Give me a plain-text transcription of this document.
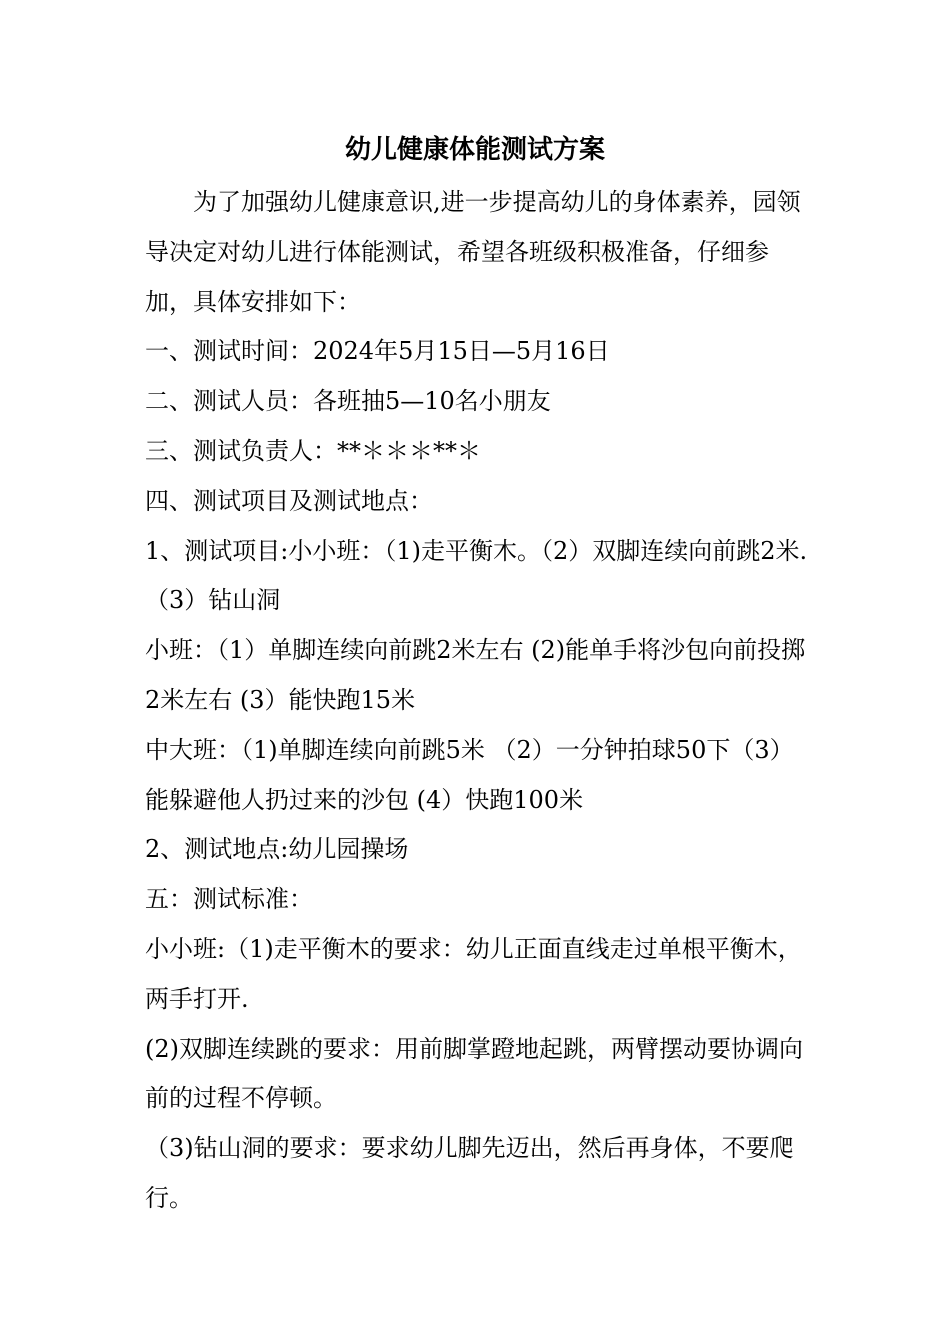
幼儿健康体能测试方案

为了加强幼儿健康意识,进一步提高幼儿的身体素养，园领导决定对幼儿进行体能测试，希望各班级积极准备，仔细参加，具体安排如下：

一、测试时间：2024年5月15日—5月16日

二、测试人员：各班抽5—10名小朋友

三、测试负责人：**＊＊＊**＊

四、测试项目及测试地点：

1、测试项目:小小班：（1)走平衡木。（2）双脚连续向前跳2米.（3）钻山洞

小班：（1）单脚连续向前跳2米左右 (2)能单手将沙包向前投掷2米左右 (3）能快跑15米

中大班：（1)单脚连续向前跳5米 （2）一分钟拍球50下（3）能躲避他人扔过来的沙包 (4）快跑100米

2、测试地点:幼儿园操场

五：测试标准：

小小班:（1)走平衡木的要求：幼儿正面直线走过单根平衡木，两手打开.

(2)双脚连续跳的要求：用前脚掌蹬地起跳，两臂摆动要协调向前的过程不停顿。

（3)钻山洞的要求：要求幼儿脚先迈出，然后再身体，不要爬行。
